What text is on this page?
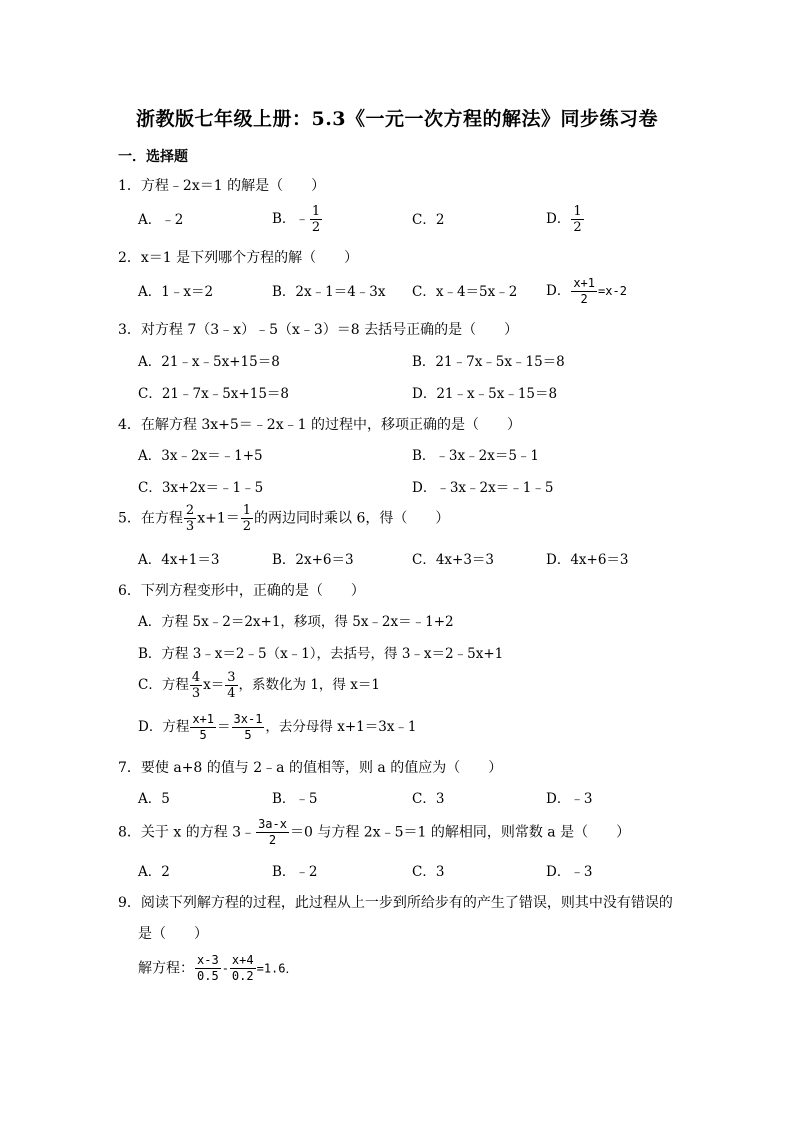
浙教版七年级上册：5.3《一元一次方程的解法》同步练习卷
一．选择题
1．方程﹣2x＝1 的解是（　　）
A．﹣2	B．﹣ $\frac{1}{2}$	C．2	D． $\frac{1}{2}$
2．x＝1 是下列哪个方程的解（　　）
A．1﹣x＝2	B．2x﹣1＝4﹣3x C．x﹣4＝5x﹣2 D． $\frac{x+1}{2} =x-2$
3．对方程 7（3﹣x）﹣5（x﹣3）＝8 去括号正确的是（　　）
A．21﹣x﹣5x+15＝8	B．21﹣7x﹣5x﹣15＝8
C．21﹣7x﹣5x+15＝8	D．21﹣x﹣5x﹣15＝8
4．在解方程 3x+5＝﹣2x﹣1 的过程中，移项正确的是（　　）
A．3x﹣2x＝﹣1+5	B．﹣3x﹣2x＝5﹣1
C．3x+2x＝﹣1﹣5	D．﹣3x﹣2x＝﹣1﹣5
5．在方程 $\frac{2}{3} x+1= \frac{1}{2}$ 的两边同时乘以 6，得（　　）
A．4x+1＝3	B．2x+6＝3	C．4x+3＝3	D．4x+6＝3
6．下列方程变形中，正确的是（　　）
A．方程 5x﹣2＝2x+1，移项，得 5x﹣2x＝﹣1+2
B．方程 3﹣x＝2﹣5（x﹣1），去括号，得 3﹣x＝2﹣5x+1
C．方程 $\frac{4}{3} x= \frac{3}{4}$ ，系数化为 1，得 x＝1
D．方程 $\frac{x+1}{5} = \frac{3x-1}{5}$ ，去分母得 x+1＝3x﹣1
7．要使 a+8 的值与 2﹣a 的值相等，则 a 的值应为（　　）
A．5	B．﹣5	C．3	D．﹣3
8．关于 x 的方程 3﹣ $\frac{3a-x}{2} =0$ 与方程 2x﹣5＝1 的解相同，则常数 a 是（　　）
A．2	B．﹣2	C．3	D．﹣3
9．阅读下列解方程的过程，此过程从上一步到所给步有的产生了错误，则其中没有错误的
是（　　）
解方程： $\frac{x-3}{0.5} - \frac{x+4}{0.2} =1.6$．
